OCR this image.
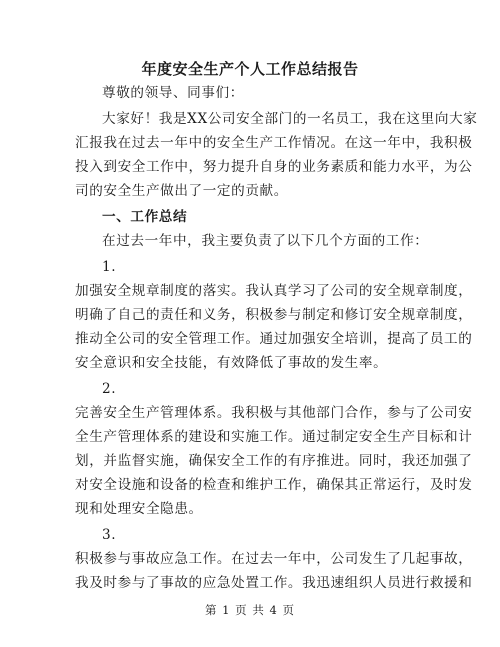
年度安全生产个人工作总结报告
尊敬的领导、同事们：
大家好！我是XX公司安全部门的一名员工，我在这里向大家
汇报我在过去一年中的安全生产工作情况。在这一年中，我积极
投入到安全工作中，努力提升自身的业务素质和能力水平，为公
司的安全生产做出了一定的贡献。
一、工作总结
在过去一年中，我主要负责了以下几个方面的工作：
1.
加强安全规章制度的落实。我认真学习了公司的安全规章制度，
明确了自己的责任和义务，积极参与制定和修订安全规章制度，
推动全公司的安全管理工作。通过加强安全培训，提高了员工的
安全意识和安全技能，有效降低了事故的发生率。
2.
完善安全生产管理体系。我积极与其他部门合作，参与了公司安
全生产管理体系的建设和实施工作。通过制定安全生产目标和计
划，并监督实施，确保安全工作的有序推进。同时，我还加强了
对安全设施和设备的检查和维护工作，确保其正常运行，及时发
现和处理安全隐患。
3.
积极参与事故应急工作。在过去一年中，公司发生了几起事故，
我及时参与了事故的应急处置工作。我迅速组织人员进行救援和
第 1 页 共 4 页
